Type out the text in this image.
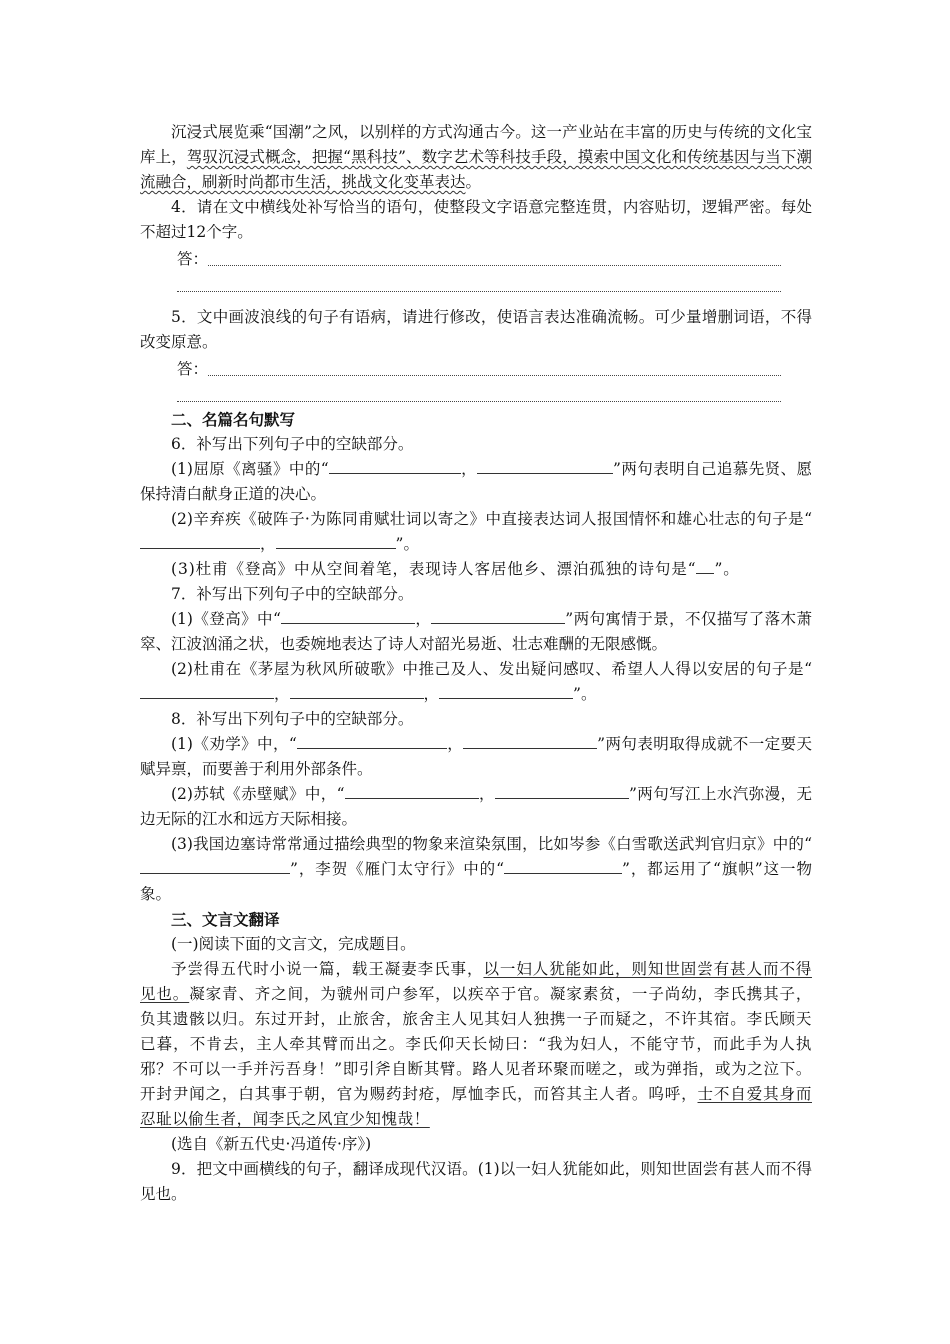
沉浸式展览乘“国潮”之风，以别样的方式沟通古今。这一产业站在丰富的历史与传统的文化宝库上，驾驭沉浸式概念，把握“黑科技”、数字艺术等科技手段，摸索中国文化和传统基因与当下潮流融合，刷新时尚都市生活，挑战文化变革表达。

4．请在文中横线处补写恰当的语句，使整段文字语意完整连贯，内容贴切，逻辑严密。每处不超过12个字。

答：

5．文中画波浪线的句子有语病，请进行修改，使语言表达准确流畅。可少量增删词语，不得改变原意。

答：

二、名篇名句默写

6．补写出下列句子中的空缺部分。

(1)屈原《离骚》中的“	，	”两句表明自己追慕先贤、愿保持清白献身正道的决心。

(2)辛弃疾《破阵子·为陈同甫赋壮词以寄之》中直接表达词人报国情怀和雄心壮志的句子是“，	”。

(3)杜甫《登高》中从空间着笔，表现诗人客居他乡、漂泊孤独的诗句是“ ”。

7．补写出下列句子中的空缺部分。

(1)《登高》中“	，	”两句寓情于景，不仅描写了落木萧窣、江波汹涌之状，也委婉地表达了诗人对韶光易逝、壮志难酬的无限感慨。

(2)杜甫在《茅屋为秋风所破歌》中推己及人、发出疑问感叹、希望人人得以安居的句子是“，	，	”。

8．补写出下列句子中的空缺部分。

(1)《劝学》中，“	，	”两句表明取得成就不一定要天赋异禀，而要善于利用外部条件。

(2)苏轼《赤壁赋》中，“	，	”两句写江上水汽弥漫，无边无际的江水和远方天际相接。

(3)我国边塞诗常常通过描绘典型的物象来渲染氛围，比如岑参《白雪歌送武判官归京》中的“”，李贺《雁门太守行》中的“	”，都运用了“旗帜”这一物象。

三、文言文翻译

(一)阅读下面的文言文，完成题目。

予尝得五代时小说一篇，载王凝妻李氏事，以一妇人犹能如此，则知世固尝有甚人而不得见也。凝家青、齐之间，为虢州司户参军，以疾卒于官。凝家素贫，一子尚幼，李氏携其子，负其遗骸以归。东过开封，止旅舍，旅舍主人见其妇人独携一子而疑之，不许其宿。李氏顾天已暮，不肯去，主人牵其臂而出之。李氏仰天长恸曰：“我为妇人，不能守节，而此手为人执邪？不可以一手并污吾身！”即引斧自断其臂。路人见者环聚而嗟之，或为弹指，或为之泣下。开封尹闻之，白其事于朝，官为赐药封疮，厚恤李氏，而笞其主人者。呜呼，士不自爱其身而忍耻以偷生者，闻李氏之风宜少知愧哉！

(选自《新五代史·冯道传·序》)

9．把文中画横线的句子，翻译成现代汉语。(1)以一妇人犹能如此，则知世固尝有甚人而不得见也。
